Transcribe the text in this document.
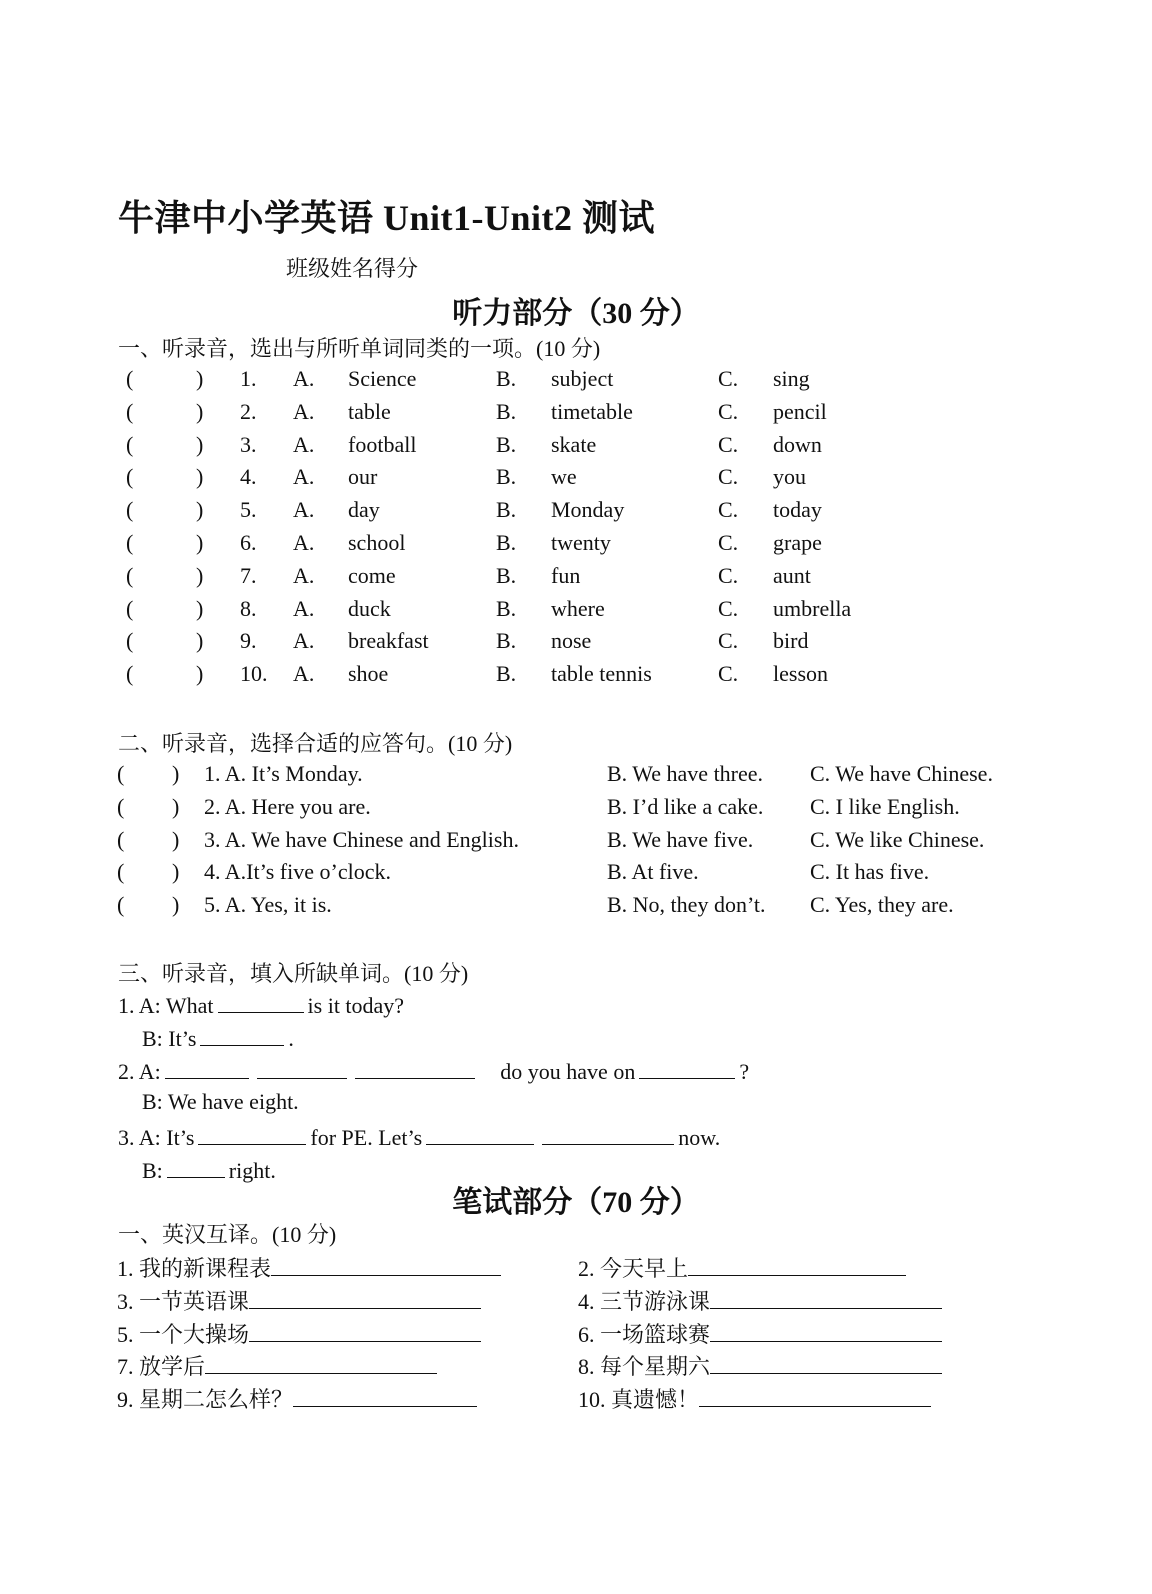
牛津中小学英语 Unit1-Unit2 测试
班级姓名得分
听力部分（30 分）
一、听录音，选出与所听单词同类的一项。(10 分)
(	) 1. A. Science	B. subject	C. sing
(	) 2. A. table	B. timetable	C. pencil
(	) 3. A. football	B. skate	C. down
(	) 4. A. our	B. we	C. you
(	) 5. A. day	B. Monday	C. today
(	) 6. A. school	B. twenty	C. grape
(	) 7. A. come	B. fun	C. aunt
(	) 8. A. duck	B. where	C. umbrella
(	) 9. A. breakfast	B. nose	C. bird
(	) 10. A. shoe	B. table tennis	C. lesson
二、听录音，选择合适的应答句。(10 分)
( ) 1. A. It’s Monday.	B. We have three. C. We have Chinese.
( ) 2. A. Here you are.	B. I’d like a cake. C. I like English.
( ) 3. A. We have Chinese and English.	B. We have five.	C. We like Chinese.
( ) 4. A.It’s five o’clock.	B. At five.	C. It has five.
( ) 5. A. Yes, it is.	B. No, they don’t. C. Yes, they are.
三、听录音，填入所缺单词。(10 分)
1. A: What	is it today?
B: It’s	.
2. A:	do you have on	?
B: We have eight.
3. A: It’s	for PE. Let’s	now.
B:	right.
笔试部分（70 分）
一、英汉互译。(10 分)
1. 我的新课程表
3. 一节英语课
5. 一个大操场
7. 放学后
9. 星期二怎么样？
2. 今天早上
4. 三节游泳课
6. 一场篮球赛
8. 每个星期六
10. 真遗憾！
